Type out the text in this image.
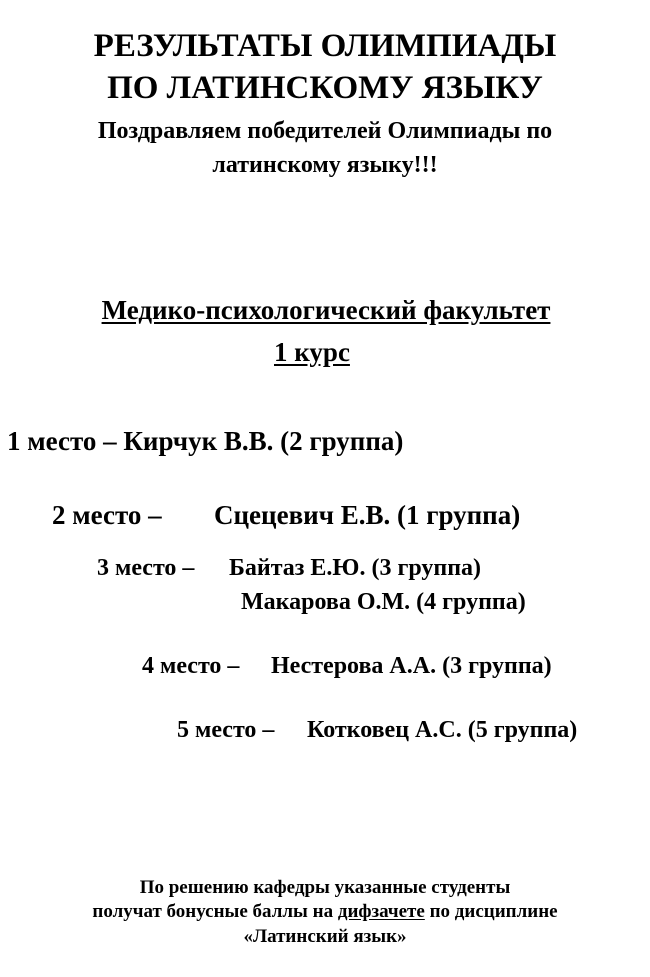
РЕЗУЛЬТАТЫ ОЛИМПИАДЫ
ПО ЛАТИНСКОМУ ЯЗЫКУ
Поздравляем победителей Олимпиады по
латинскому языку!!!
Медико-психологический факультет
1 курс
1 место – Кирчук В.В. (2 группа)
2 место – Сцецевич Е.В. (1 группа)
3 место – Байтаз Е.Ю. (3 группа)
Макарова О.М. (4 группа)
4 место – Нестерова А.А. (3 группа)
5 место – Котковец А.С. (5 группа)
По решению кафедры указанные студенты
получат бонусные баллы на дифзачете по дисциплине
«Латинский язык»
